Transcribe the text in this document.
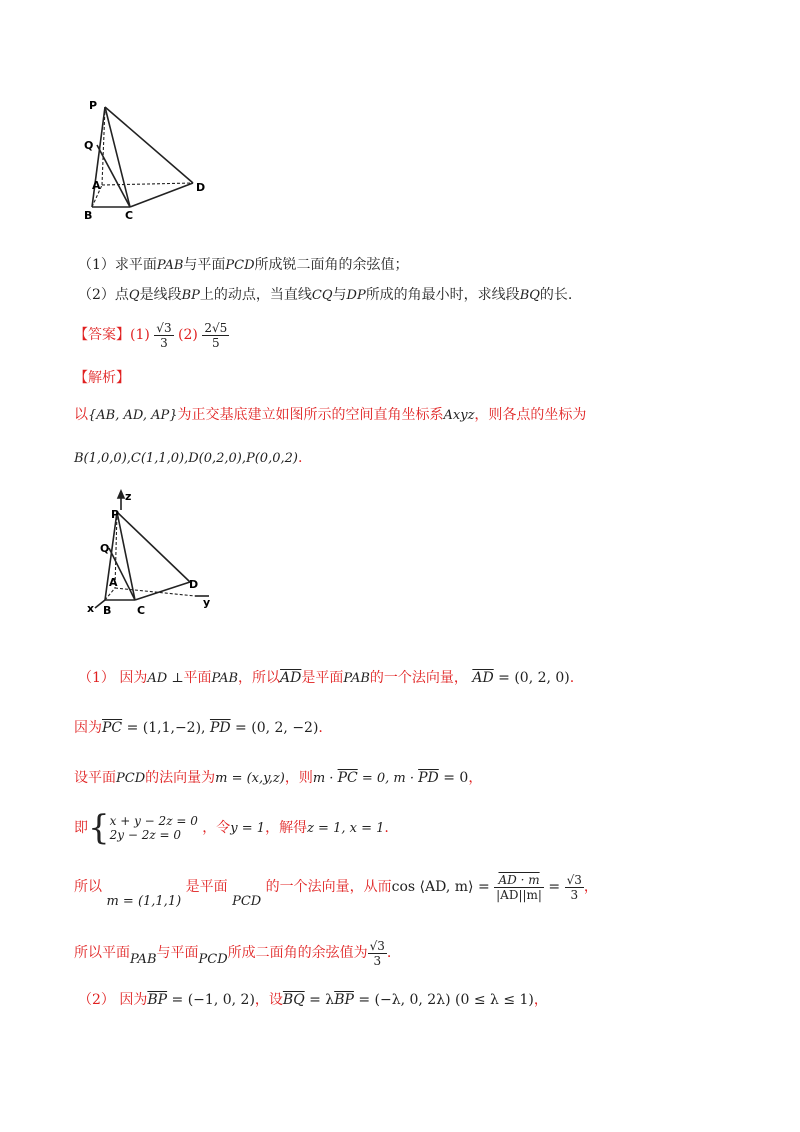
P
Q
A
B	C
D
（1）求平面PAB与平面PCD所成锐二面角的余弦值；
（2）点Q是线段BP上的动点，当直线CQ与DP所成的角最小时，求线段BQ的长.
【答案】$(1) \frac{√3}{3} (2) \frac{2√5}{5}$
【解析】
以{AB, AD, AP}为正交基底建立如图所示的空间直角坐标系Axyz，则各点的坐标为
B(1,0,0),C(1,1,0),D(0,2,0),P(0,0,2).
z
P
Q
A
B C
D
x	y
（1） 因为AD ⊥平面PAB，所以$\overline{AD}$是平面PAB的一个法向量， $\overline{AD} = (0$, 2, 0).
因为$\overline{PC} = (1,1,-2)$, $\overline{PD} = (0$, 2, −2).
设平面PCD的法向量为m = (x,y,z)，则$m \cdot \overline{PC} = 0$, $m \cdot \overline{PD} = 0$，
即{ x + y − 2z = 0
2y − 2z = 0	，令y = 1，解得z = 1, x = 1.
所以 m = (1,1,1) 是平面 PCD 的一个法向量，从而cos ⟨AD, m⟩ = $\frac{AD \cdot m}{|AD||m|} = \frac{√3}{3}$ ，
所以平面PAB与平面PCD所成二面角的余弦值为 $\frac{√3}{3}$ .
（2） 因为$\overline{BP} = (-1$, 0, 2)，设$\overline{BQ} = \lambda\overline{BP} = (-\lambda$, 0, 2λ) (0 ≤ λ ≤ 1)，
